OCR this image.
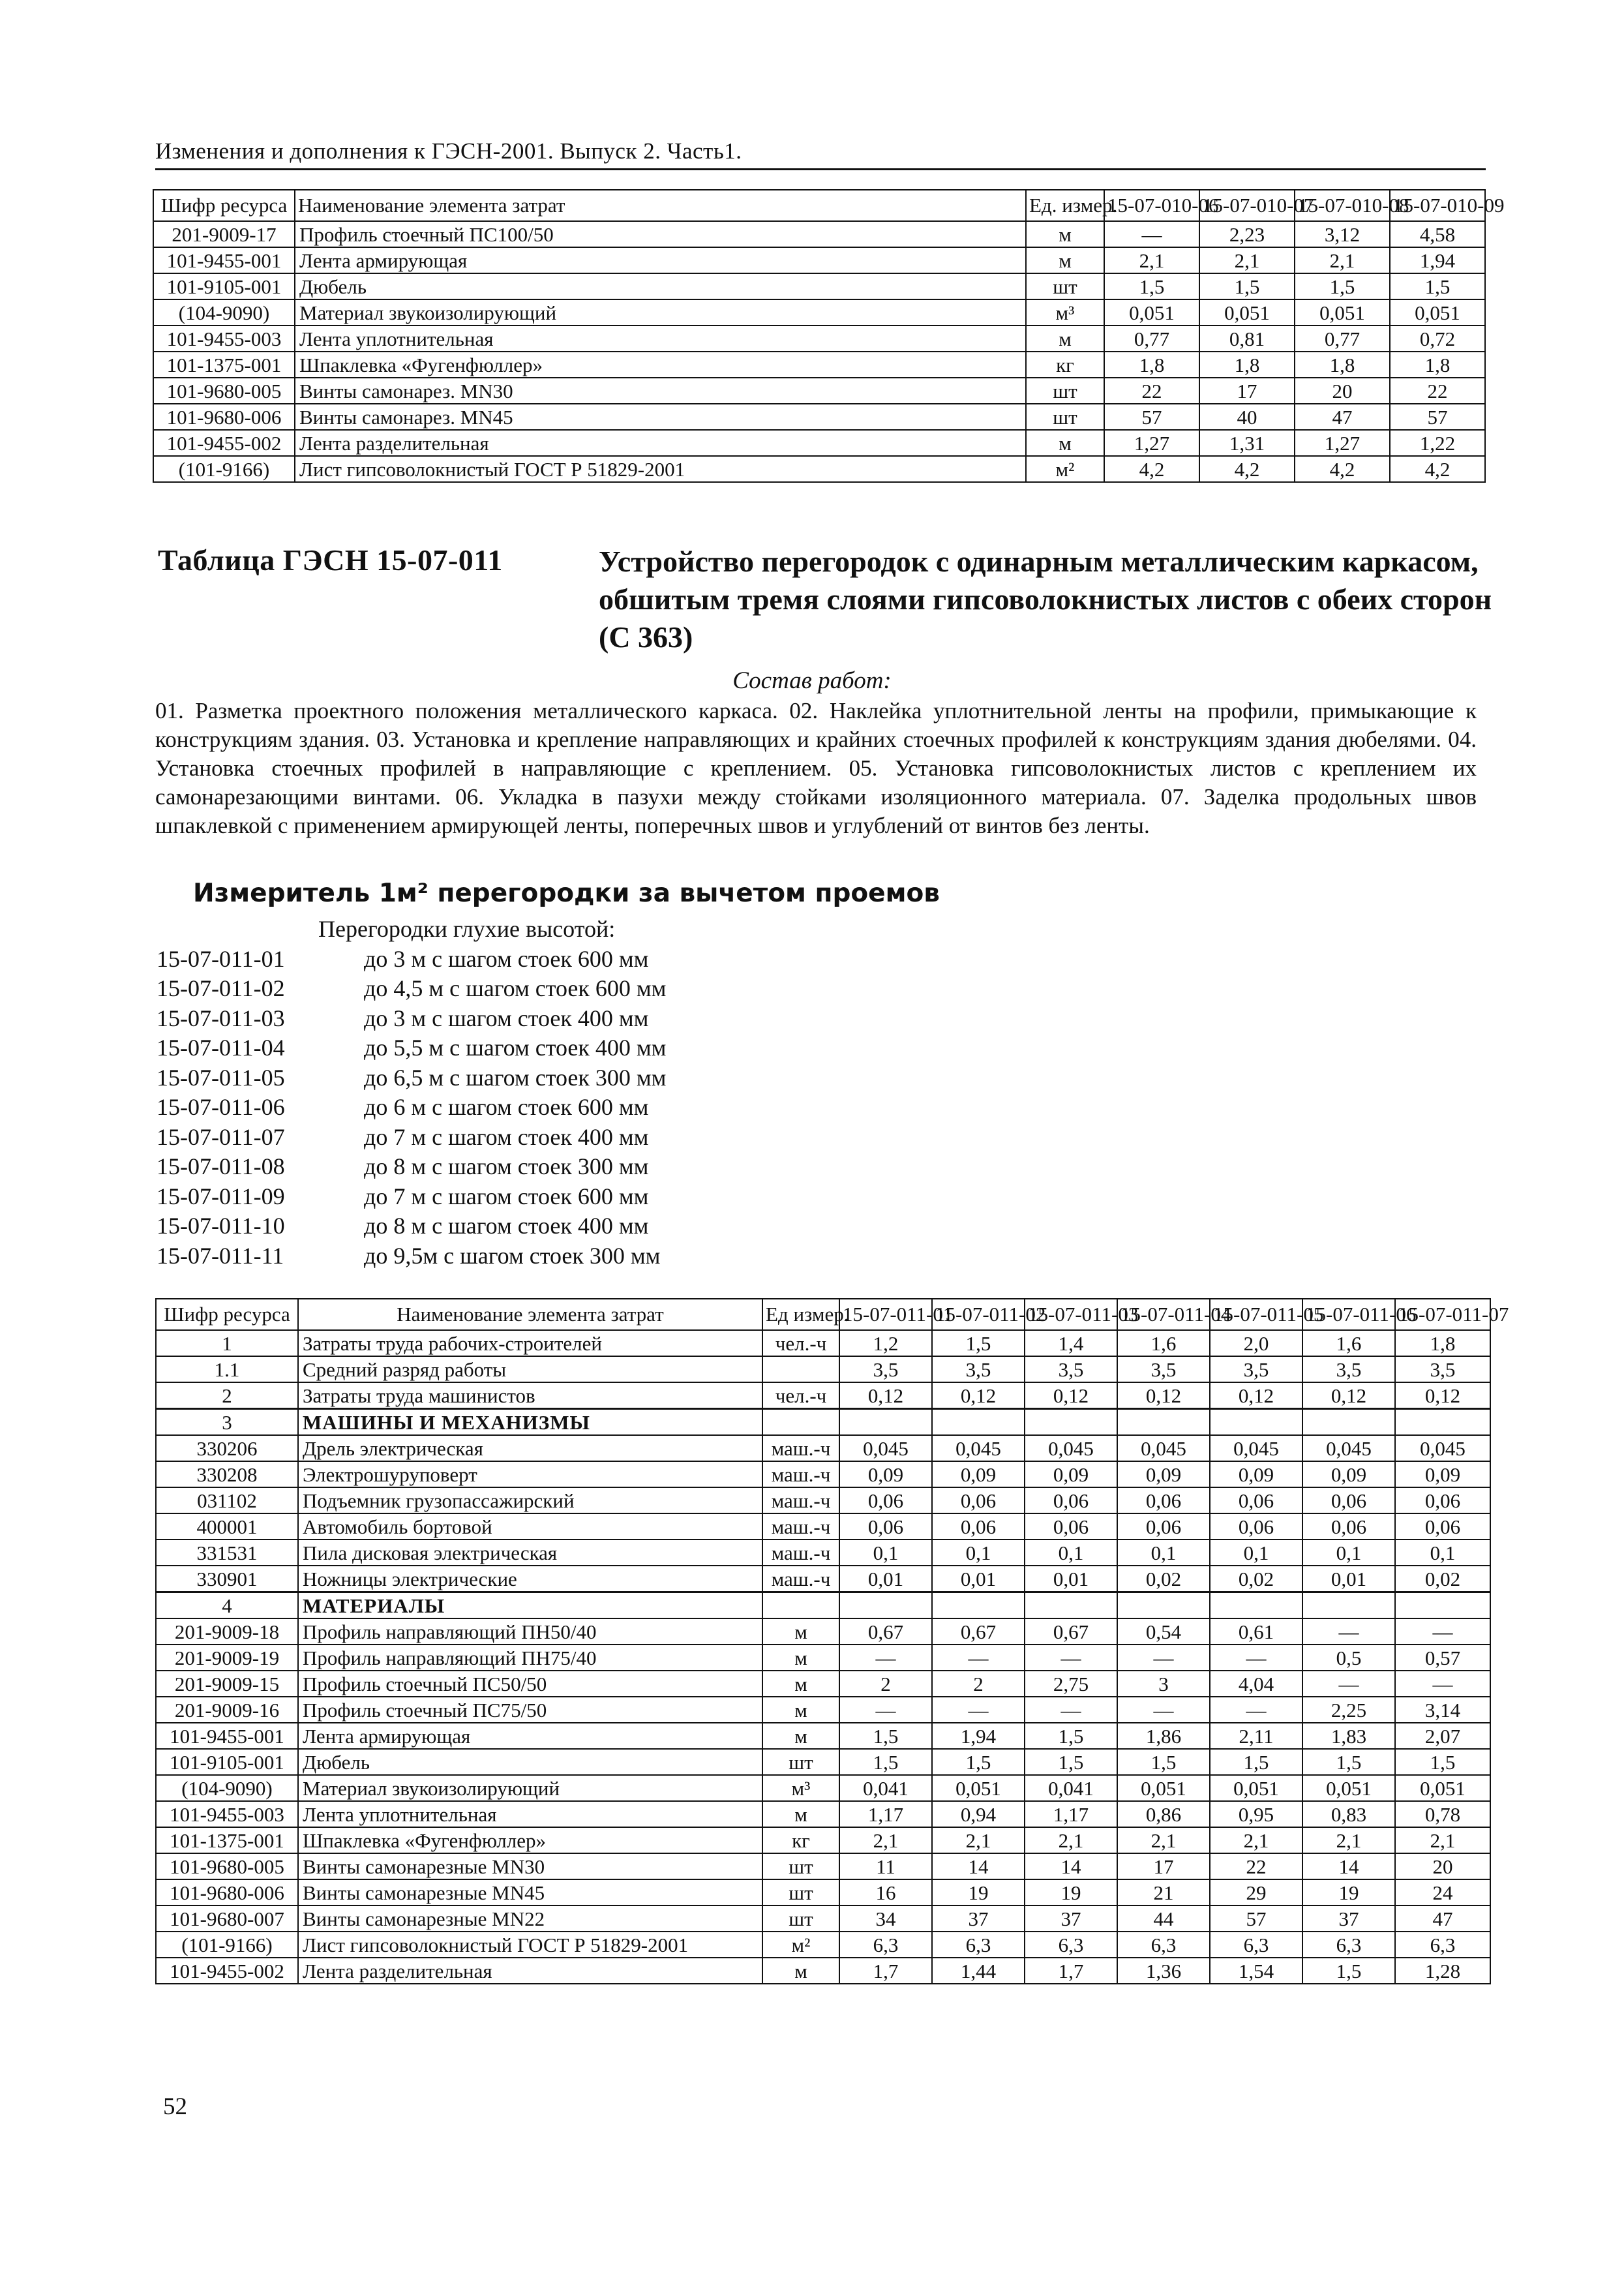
Изменения и дополнения к ГЭСН-2001. Выпуск 2. Часть1.
Шифр ресурса	Наименование элемента затрат	Ед. измер.	15-07-010-06	15-07-010-07	15-07-010-08	15-07-010-09
201-9009-17	Профиль стоечный ПС100/50	м	—	2,23	3,12	4,58
101-9455-001	Лента армирующая	м	2,1	2,1	2,1	1,94
101-9105-001	Дюбель	шт	1,5	1,5	1,5	1,5
(104-9090)	Материал звукоизолирующий	м³	0,051	0,051	0,051	0,051
101-9455-003	Лента уплотнительная	м	0,77	0,81	0,77	0,72
101-1375-001	Шпаклевка «Фугенфюллер»	кг	1,8	1,8	1,8	1,8
101-9680-005	Винты самонарез. MN30	шт	22	17	20	22
101-9680-006	Винты самонарез. MN45	шт	57	40	47	57
101-9455-002	Лента разделительная	м	1,27	1,31	1,27	1,22
(101-9166)	Лист гипсоволокнистый ГОСТ Р 51829-2001	м²	4,2	4,2	4,2	4,2
Таблица ГЭСН 15-07-011	Устройство перегородок с одинарным металлическим каркасом, обшитым тремя слоями гипсоволокнистых листов с обеих сторон (С 363)
Состав работ:
01. Разметка проектного положения металлического каркаса. 02. Наклейка уплотнительной ленты на профили, примыкающие к конструкциям здания. 03. Установка и крепление направляющих и крайних стоечных профилей к конструкциям здания дюбелями. 04. Установка стоечных профилей в направляющие с креплением. 05. Установка гипсоволокнистых листов с креплением их самонарезающими винтами. 06. Укладка в пазухи между стойками изоляционного материала. 07. Заделка продольных швов шпаклевкой с применением армирующей ленты, поперечных швов и углублений от винтов без ленты.
Измеритель 1м² перегородки за вычетом проемов
Перегородки глухие высотой:
15-07-011-01	до 3 м с шагом стоек 600 мм
15-07-011-02	до 4,5 м с шагом стоек 600 мм
15-07-011-03	до 3 м с шагом стоек 400 мм
15-07-011-04	до 5,5 м с шагом стоек 400 мм
15-07-011-05	до 6,5 м с шагом стоек 300 мм
15-07-011-06	до 6 м с шагом стоек 600 мм
15-07-011-07	до 7 м с шагом стоек 400 мм
15-07-011-08	до 8 м с шагом стоек 300 мм
15-07-011-09	до 7 м с шагом стоек 600 мм
15-07-011-10	до 8 м с шагом стоек 400 мм
15-07-011-11	до 9,5м с шагом стоек 300 мм
Шифр ресурса	Наименование элемента затрат	Ед измер.	15-07-011-01	15-07-011-02	15-07-011-03	15-07-011-04	15-07-011-05	15-07-011-06	15-07-011-07
1	Затраты труда рабочих-строителей	чел.-ч	1,2	1,5	1,4	1,6	2,0	1,6	1,8
1.1	Средний разряд работы		3,5	3,5	3,5	3,5	3,5	3,5	3,5
2	Затраты труда машинистов	чел.-ч	0,12	0,12	0,12	0,12	0,12	0,12	0,12
3	МАШИНЫ И МЕХАНИЗМЫ								
330206	Дрель электрическая	маш.-ч	0,045	0,045	0,045	0,045	0,045	0,045	0,045
330208	Электрошуруповерт	маш.-ч	0,09	0,09	0,09	0,09	0,09	0,09	0,09
031102	Подъемник грузопассажирский	маш.-ч	0,06	0,06	0,06	0,06	0,06	0,06	0,06
400001	Автомобиль бортовой	маш.-ч	0,06	0,06	0,06	0,06	0,06	0,06	0,06
331531	Пила дисковая электрическая	маш.-ч	0,1	0,1	0,1	0,1	0,1	0,1	0,1
330901	Ножницы электрические	маш.-ч	0,01	0,01	0,01	0,02	0,02	0,01	0,02
4	МАТЕРИАЛЫ								
201-9009-18	Профиль направляющий ПН50/40	м	0,67	0,67	0,67	0,54	0,61	—	—
201-9009-19	Профиль направляющий ПН75/40	м	—	—	—	—	—	0,5	0,57
201-9009-15	Профиль стоечный ПС50/50	м	2	2	2,75	3	4,04	—	—
201-9009-16	Профиль стоечный ПС75/50	м	—	—	—	—	—	2,25	3,14
101-9455-001	Лента армирующая	м	1,5	1,94	1,5	1,86	2,11	1,83	2,07
101-9105-001	Дюбель	шт	1,5	1,5	1,5	1,5	1,5	1,5	1,5
(104-9090)	Материал звукоизолирующий	м³	0,041	0,051	0,041	0,051	0,051	0,051	0,051
101-9455-003	Лента уплотнительная	м	1,17	0,94	1,17	0,86	0,95	0,83	0,78
101-1375-001	Шпаклевка «Фугенфюллер»	кг	2,1	2,1	2,1	2,1	2,1	2,1	2,1
101-9680-005	Винты самонарезные MN30	шт	11	14	14	17	22	14	20
101-9680-006	Винты самонарезные MN45	шт	16	19	19	21	29	19	24
101-9680-007	Винты самонарезные MN22	шт	34	37	37	44	57	37	47
(101-9166)	Лист гипсоволокнистый ГОСТ Р 51829-2001	м²	6,3	6,3	6,3	6,3	6,3	6,3	6,3
101-9455-002	Лента разделительная	м	1,7	1,44	1,7	1,36	1,54	1,5	1,28
52
